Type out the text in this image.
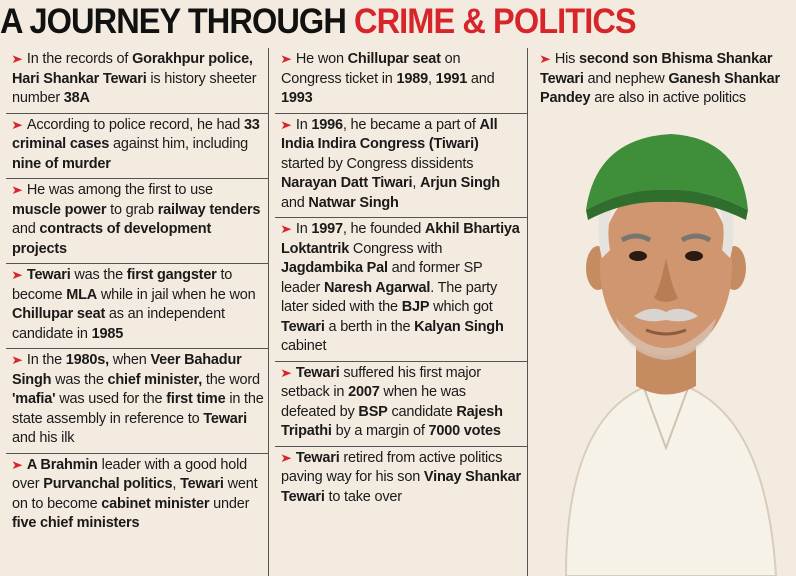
A JOURNEY THROUGH CRIME & POLITICS
➤ In the records of Gorakhpur police, Hari Shankar Tewari is history sheeter number 38A
➤ According to police record, he had 33 criminal cases against him, including nine of murder
➤ He was among the first to use muscle power to grab railway tenders and contracts of development projects
➤ Tewari was the first gangster to become MLA while in jail when he won Chillupar seat as an independent candidate in 1985
➤ In the 1980s, when Veer Bahadur Singh was the chief minister, the word 'mafia' was used for the first time in the state assembly in reference to Tewari and his ilk
➤ A Brahmin leader with a good hold over Purvanchal politics, Tewari went on to become cabinet minister under five chief ministers
➤ He won Chillupar seat on Congress ticket in 1989, 1991 and 1993
➤ In 1996, he became a part of All India Indira Congress (Tiwari) started by Congress dissidents Narayan Datt Tiwari, Arjun Singh and Natwar Singh
➤ In 1997, he founded Akhil Bhartiya Loktantrik Congress with Jagdambika Pal and former SP leader Naresh Agarwal. The party later sided with the BJP which got Tewari a berth in the Kalyan Singh cabinet
➤ Tewari suffered his first major setback in 2007 when he was defeated by BSP candidate Rajesh Tripathi by a margin of 7000 votes
➤ Tewari retired from active politics paving way for his son Vinay Shankar Tewari to take over
➤ His second son Bhisma Shankar Tewari and nephew Ganesh Shankar Pandey are also in active politics
